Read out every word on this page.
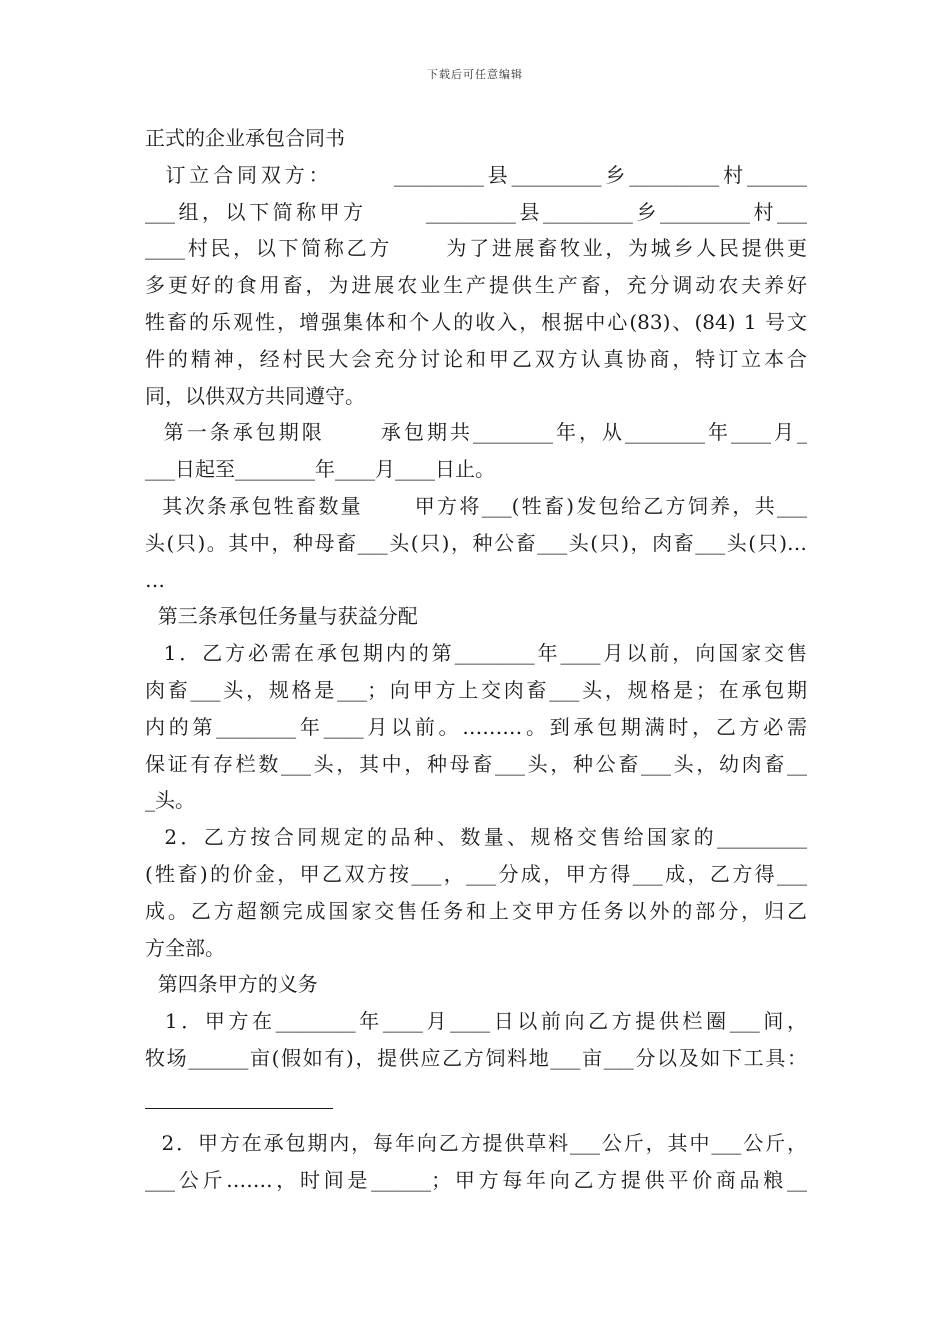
下载后可任意编辑
正式的企业承包合同书
订立合同双方：      _________县_________乡_________村______
___组，以下简称甲方      _________县_________乡_________村___
____村民，以下简称乙方      为了进展畜牧业，为城乡人民提供更
多更好的食用畜，为进展农业生产提供生产畜，充分调动农夫养好
牲畜的乐观性，增强集体和个人的收入，根据中心(83)、(84) 1 号文
件的精神，经村民大会充分讨论和甲乙双方认真协商，特订立本合
同，以供双方共同遵守。
第一条承包期限      承包期共________年，从________年____月_
___日起至________年____月____日止。
其次条承包牲畜数量      甲方将___(牲畜)发包给乙方饲养，共___
头(只)。其中，种母畜___头(只)，种公畜___头(只)，肉畜___头(只)…
…
第三条承包任务量与获益分配
1．乙方必需在承包期内的第________年____月以前，向国家交售
肉畜___头，规格是___；向甲方上交肉畜___头，规格是；在承包期
内的第________年____月以前。………。到承包期满时，乙方必需
保证有存栏数___头，其中，种母畜___头，种公畜___头，幼肉畜__
_头。
2．乙方按合同规定的品种、数量、规格交售给国家的_________
(牲畜)的价金，甲乙双方按___，___分成，甲方得___成，乙方得___
成。乙方超额完成国家交售任务和上交甲方任务以外的部分，归乙
方全部。
第四条甲方的义务
1．甲方在________年____月____日以前向乙方提供栏圈___间，
牧场______亩(假如有)，提供应乙方饲料地___亩___分以及如下工具：
2．甲方在承包期内，每年向乙方提供草料___公斤，其中___公斤，
___公斤…….，时间是______；甲方每年向乙方提供平价商品粮__
